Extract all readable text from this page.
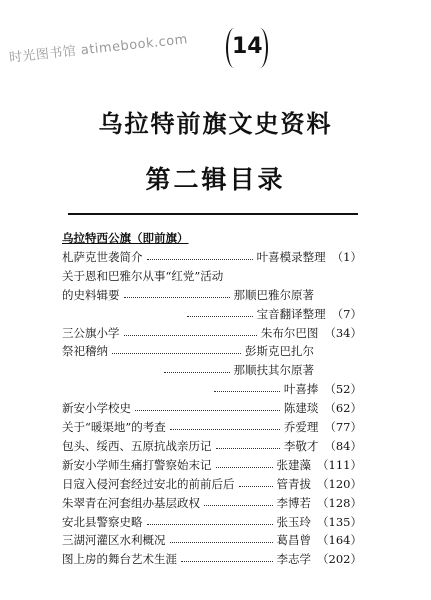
时光图书馆 atimebook.com 14
乌拉特前旗文史资料
第二辑目录
乌拉特西公旗（即前旗）
札萨克世袭简介	叶喜模录整理 （1）
关于恩和巴雅尔从事“红党”活动
的史料辑要	那顺巴雅尔原著
宝音翻译整理 （7）
三公旗小学	朱布尔巴图 （34）
祭祀稽纳	彭斯克巴扎尔
那顺扶其尔原著
叶喜捧 （52）
新安小学校史	陈建琰 （62）
关于“暖渠地”的考查	乔爱理 （77）
包头、绥西、五原抗战亲历记	李敬才 （84）
新安小学师生痛打警察始末记	张建藻 （111）
日寇入侵河套经过安北的前前后后	管青拔 （120）
朱翠青在河套组办基层政权	李博若 （128）
安北县警察史略	张玉玲 （135）
三湖河灌区水利概况	葛昌曾 （164）
图上房的舞台艺术生涯	李志学 （202）
